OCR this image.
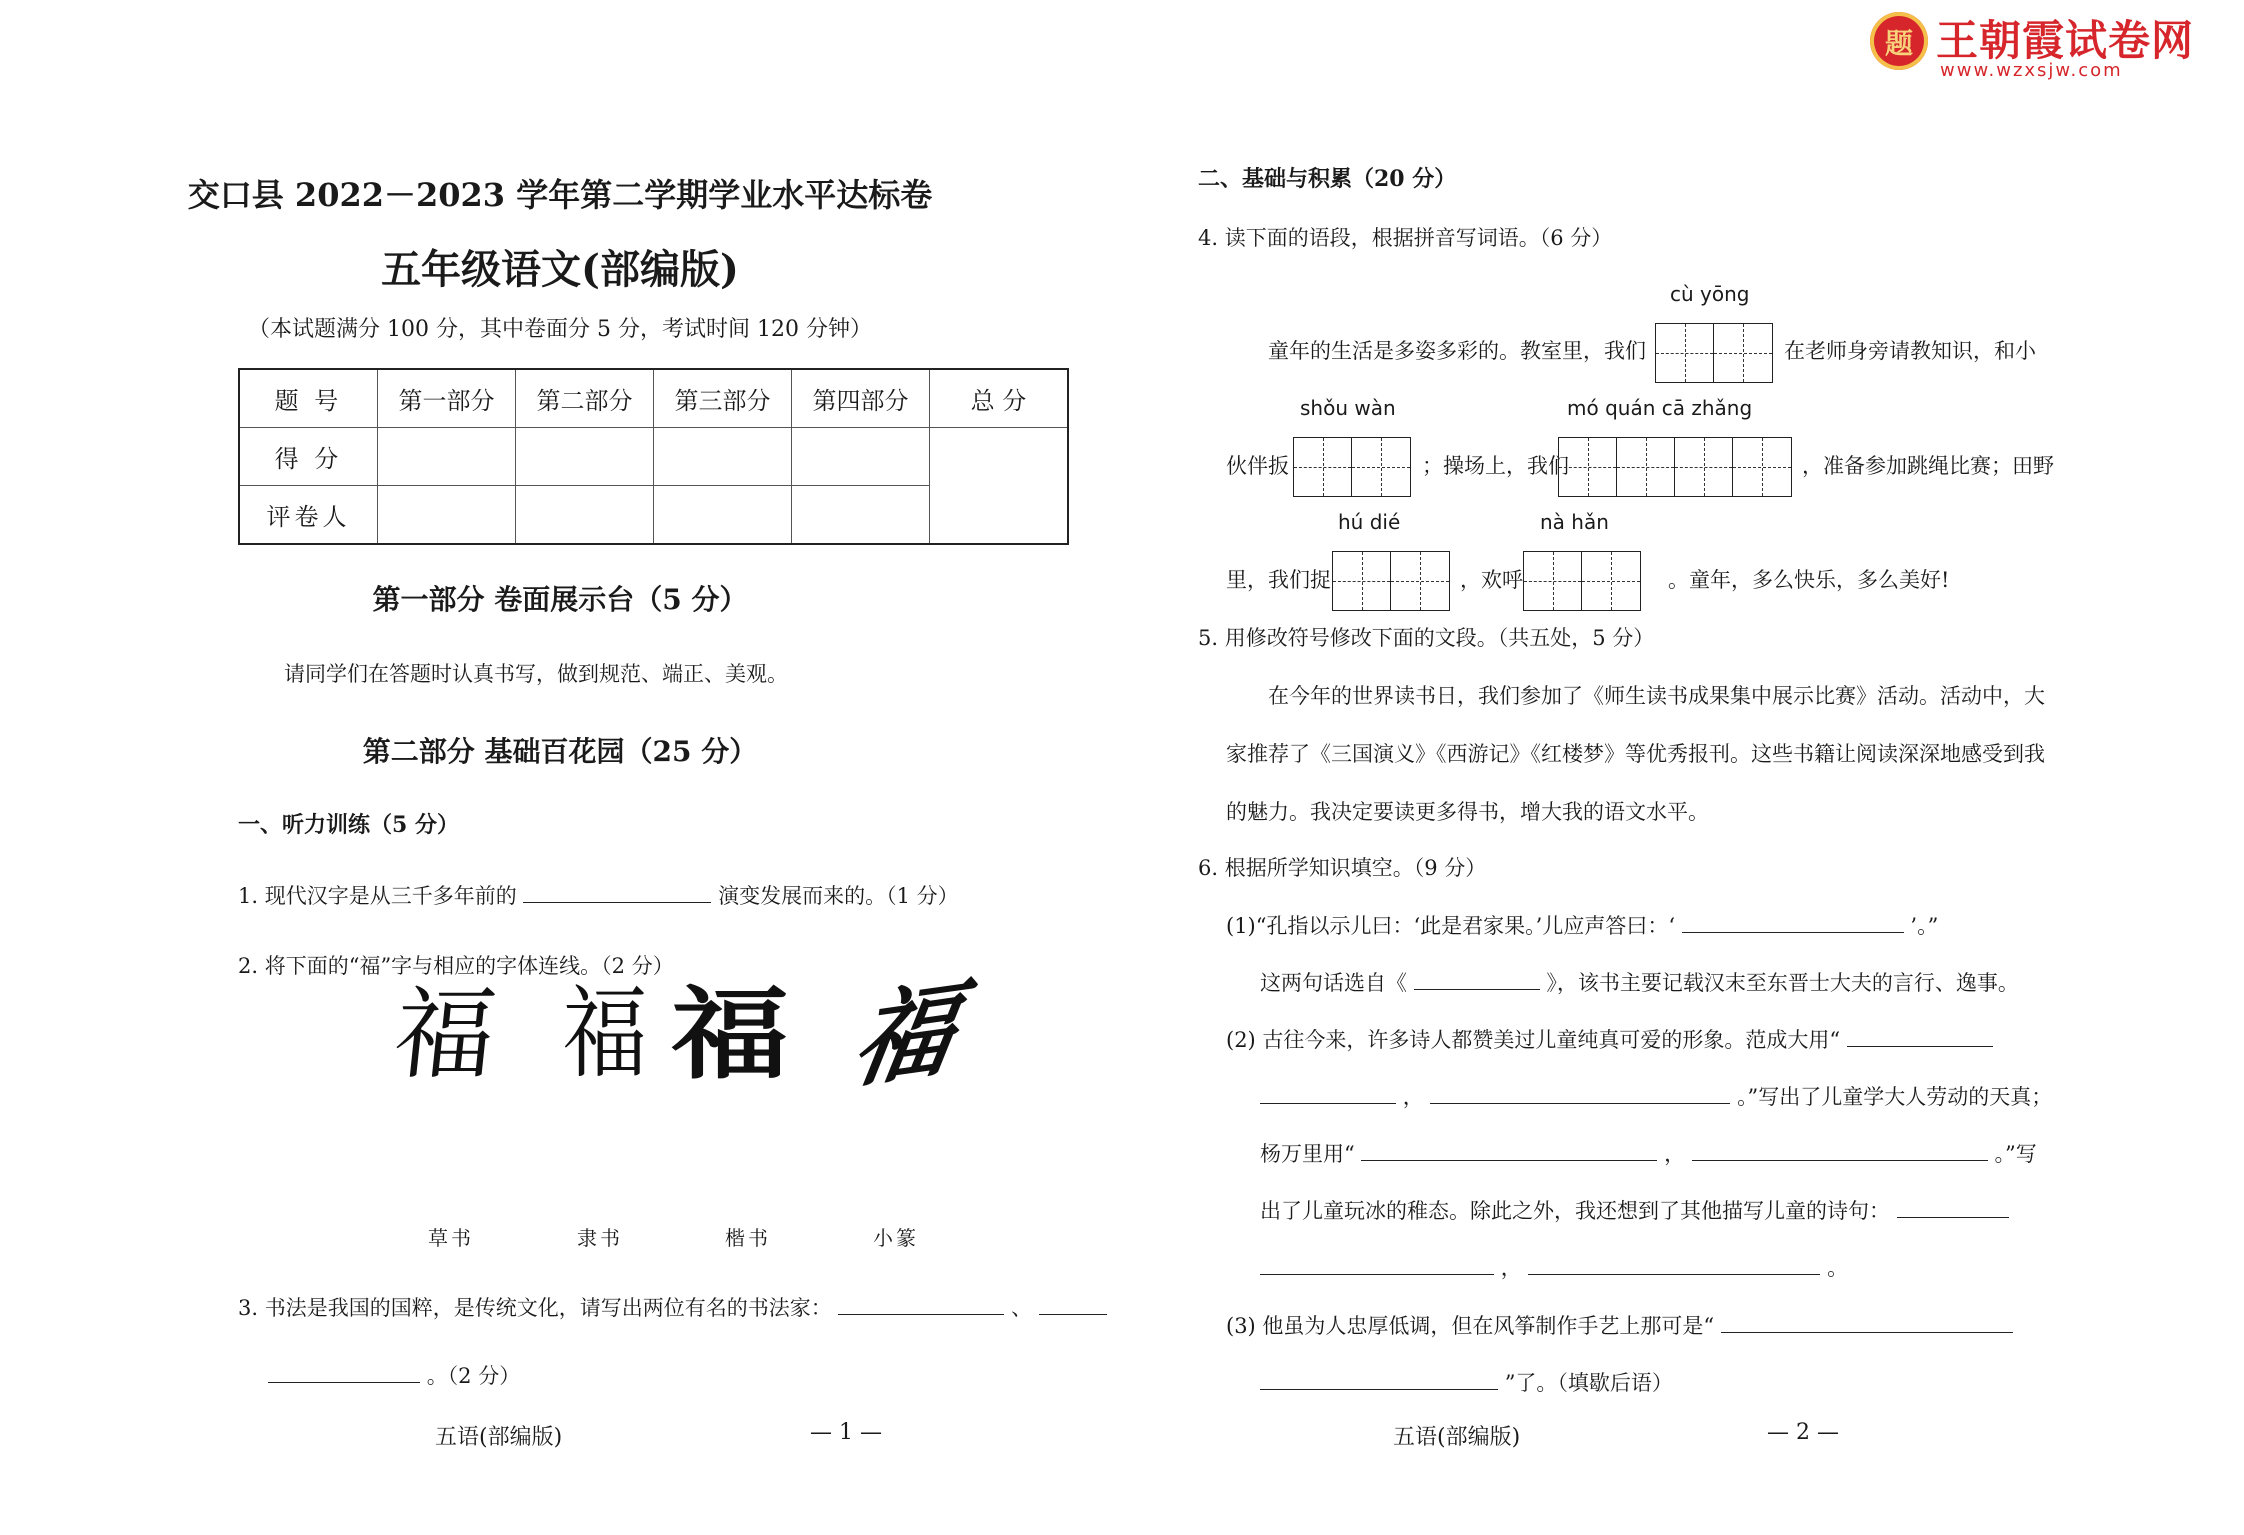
题
王朝霞试卷网
www.wzxsjw.com
交口县 2022－2023 学年第二学期学业水平达标卷
五年级语文(部编版)
（本试题满分 100 分，其中卷面分 5 分，考试时间 120 分钟）
题 号	第一部分	第二部分	第三部分	第四部分	总 分
得 分					
评卷人					
第一部分 卷面展示台（5 分）
请同学们在答题时认真书写，做到规范、端正、美观。
第二部分 基础百花园（25 分）
一、听力训练（5 分）
1. 现代汉字是从三千多年前的	演变发展而来的。（1 分）
2. 将下面的“福”字与相应的字体连线。（2 分）
福 福 福 福
草书	隶书	楷书	小篆
3. 书法是我国的国粹，是传统文化，请写出两位有名的书法家：	、
。（2 分）
五语(部编版)	— 1 —
二、基础与积累（20 分）
4. 读下面的语段，根据拼音写词语。（6 分）
cù yōng
童年的生活是多姿多彩的。教室里，我们	在老师身旁请教知识，和小
shǒu wàn	mó quán cā zhǎng
伙伴扳	；操场上，我们	，准备参加跳绳比赛；田野
hú dié	nà hǎn
里，我们捉	，欢呼	。童年，多么快乐，多么美好!
5. 用修改符号修改下面的文段。（共五处，5 分）
在今年的世界读书日，我们参加了《师生读书成果集中展示比赛》活动。活动中，大
家推荐了《三国演义》《西游记》《红楼梦》等优秀报刊。这些书籍让阅读深深地感受到我
的魅力。我决定要读更多得书，增大我的语文水平。
6. 根据所学知识填空。（9 分）
(1)“孔指以示儿曰：‘此是君家果。’儿应声答曰：‘	’。”
这两句话选自《	》，该书主要记载汉末至东晋士大夫的言行、逸事。
(2) 古往今来，许多诗人都赞美过儿童纯真可爱的形象。范成大用“
，	。”写出了儿童学大人劳动的天真；
杨万里用“	，	。”写
出了儿童玩冰的稚态。除此之外，我还想到了其他描写儿童的诗句：
，	。
(3) 他虽为人忠厚低调，但在风筝制作手艺上那可是“
”了。（填歇后语）
五语(部编版)	— 2 —
